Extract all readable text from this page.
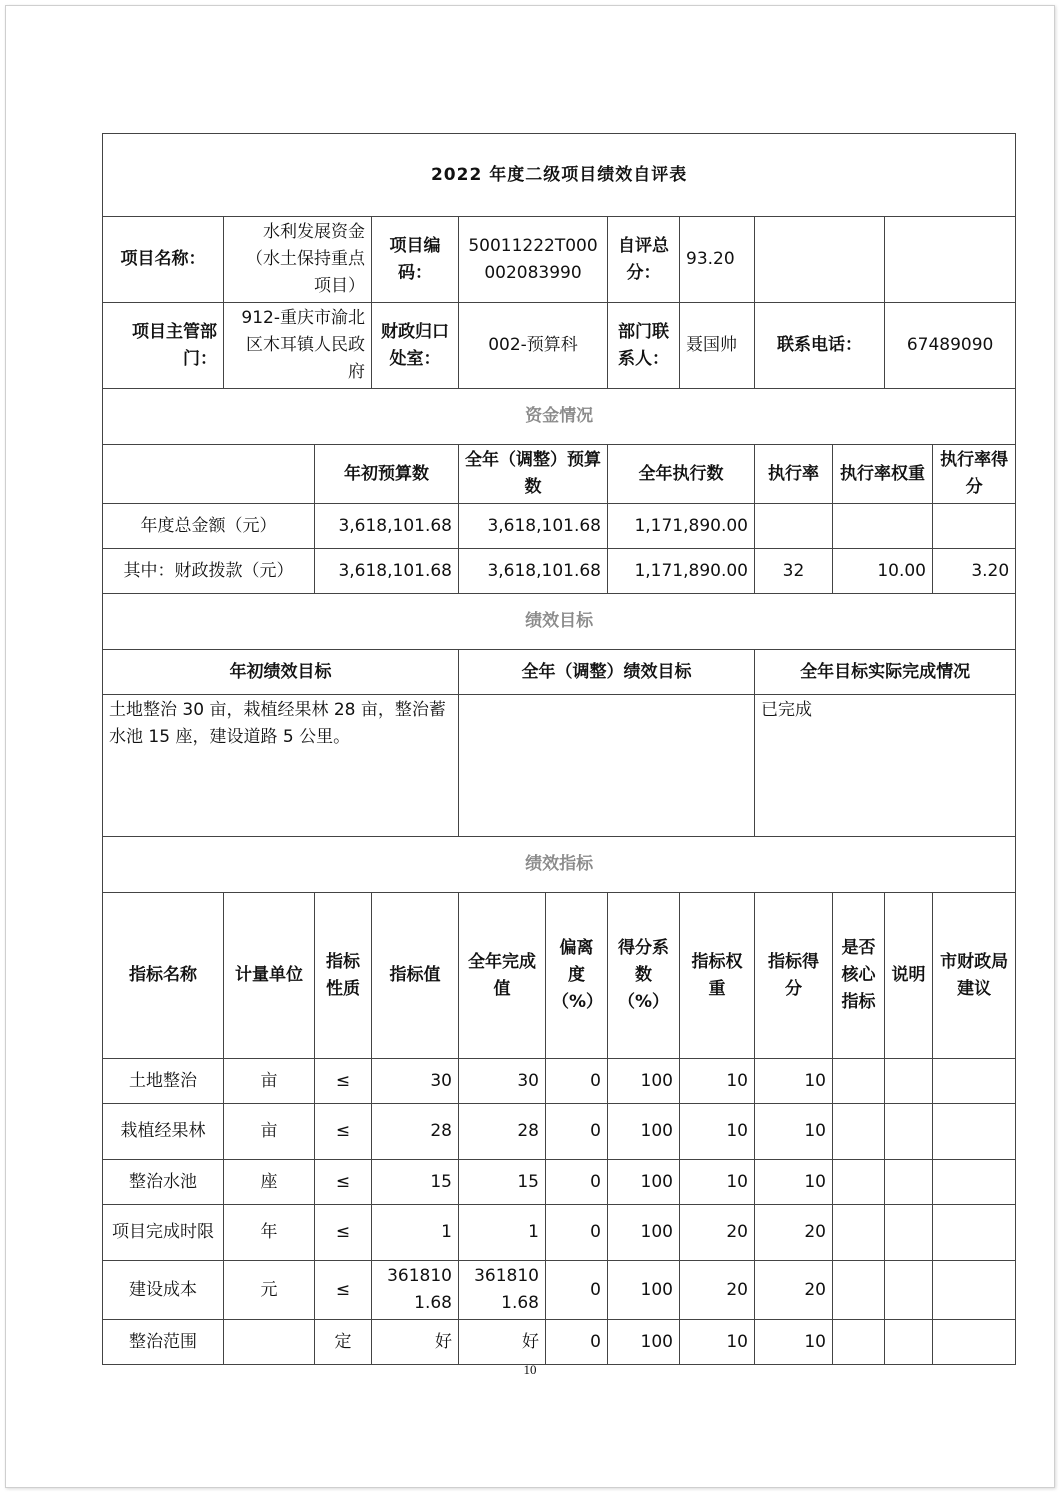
2022 年度二级项目绩效自评表											
项目名称：	水利发展资金（水土保持重点项目）		项目编码：	50011222T000002083990		自评总分：	93.20				
项目主管部门：	912-重庆市渝北区木耳镇人民政府		财政归口处室：	002-预算科		部门联系人：	聂国帅	联系电话：		67489090	
资金情况											
		年初预算数		全年（调整）预算数		全年执行数		执行率	执行率权重		执行率得分
年度总金额（元）		3,618,101.68		3,618,101.68		1,171,890.00					
其中：财政拨款（元）		3,618,101.68		3,618,101.68		1,171,890.00		32	10.00		3.20
绩效目标											
年初绩效目标				全年（调整）绩效目标				全年目标实际完成情况			
土地整治 30 亩，栽植经果林 28 亩，整治蓄水池 15 座，建设道路 5 公里。								已完成			
绩效指标											
指标名称	计量单位	指标性质	指标值	全年完成值	偏离度（%）	得分系数（%）	指标权重	指标得分	是否核心指标	说明	市财政局建议
土地整治	亩	≤	30	30	0	100	10	10			
栽植经果林	亩	≤	28	28	0	100	10	10			
整治水池	座	≤	15	15	0	100	10	10			
项目完成时限	年	≤	1	1	0	100	20	20			
建设成本	元	≤	3618101.68	3618101.68	0	100	20	20			
整治范围		定	好	好	0	100	10	10			
10
